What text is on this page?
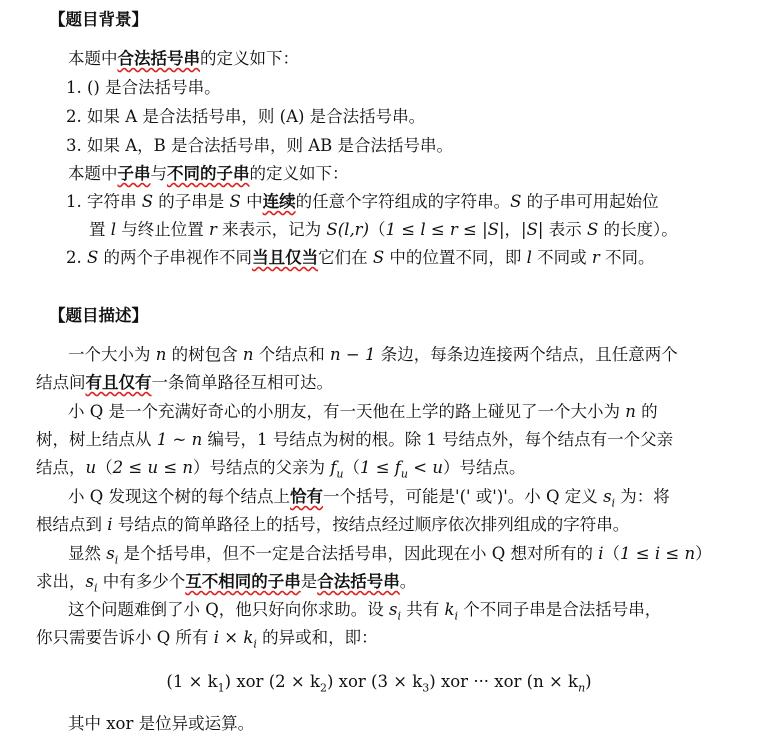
【题目背景】
本题中合法括号串的定义如下：
1. () 是合法括号串。
2. 如果 A 是合法括号串，则 (A) 是合法括号串。
3. 如果 A，B 是合法括号串，则 AB 是合法括号串。
本题中子串与不同的子串的定义如下：
1. 字符串 S 的子串是 S 中连续的任意个字符组成的字符串。S 的子串可用起始位
置 l 与终止位置 r 来表示，记为 S(l,r)（1 ≤ l ≤ r ≤ |S|，|S| 表示 S 的长度）。
2. S 的两个子串视作不同当且仅当它们在 S 中的位置不同，即 l 不同或 r 不同。
【题目描述】
一个大小为 n 的树包含 n 个结点和 n − 1 条边，每条边连接两个结点，且任意两个
结点间有且仅有一条简单路径互相可达。
小 Q 是一个充满好奇心的小朋友，有一天他在上学的路上碰见了一个大小为 n 的
树，树上结点从 1 ~ n 编号，1 号结点为树的根。除 1 号结点外，每个结点有一个父亲
结点，u（2 ≤ u ≤ n）号结点的父亲为 $f_u(1 \le f_u < u)$号结点。
小 Q 发现这个树的每个结点上恰有一个括号，可能是'(' 或')'。小 Q 定义 $s_i$ 为：将
根结点到 i 号结点的简单路径上的括号，按结点经过顺序依次排列组成的字符串。
显然 $s_i$ 是个括号串，但不一定是合法括号串，因此现在小 Q 想对所有的 i（1 ≤ i ≤ n）
求出，$s_i$ 中有多少个互不相同的子串是合法括号串。
这个问题难倒了小 Q，他只好向你求助。设 $s_i$ 共有 $k_i$ 个不同子串是合法括号串，
你只需要告诉小 Q 所有 $i \times k_i$ 的异或和，即：
$(1 \times k_1)$ xor $(2 \times k_2)$ xor $(3 \times k_3)$ xor ··· xor $(n \times k_n)$
其中 xor 是位异或运算。
